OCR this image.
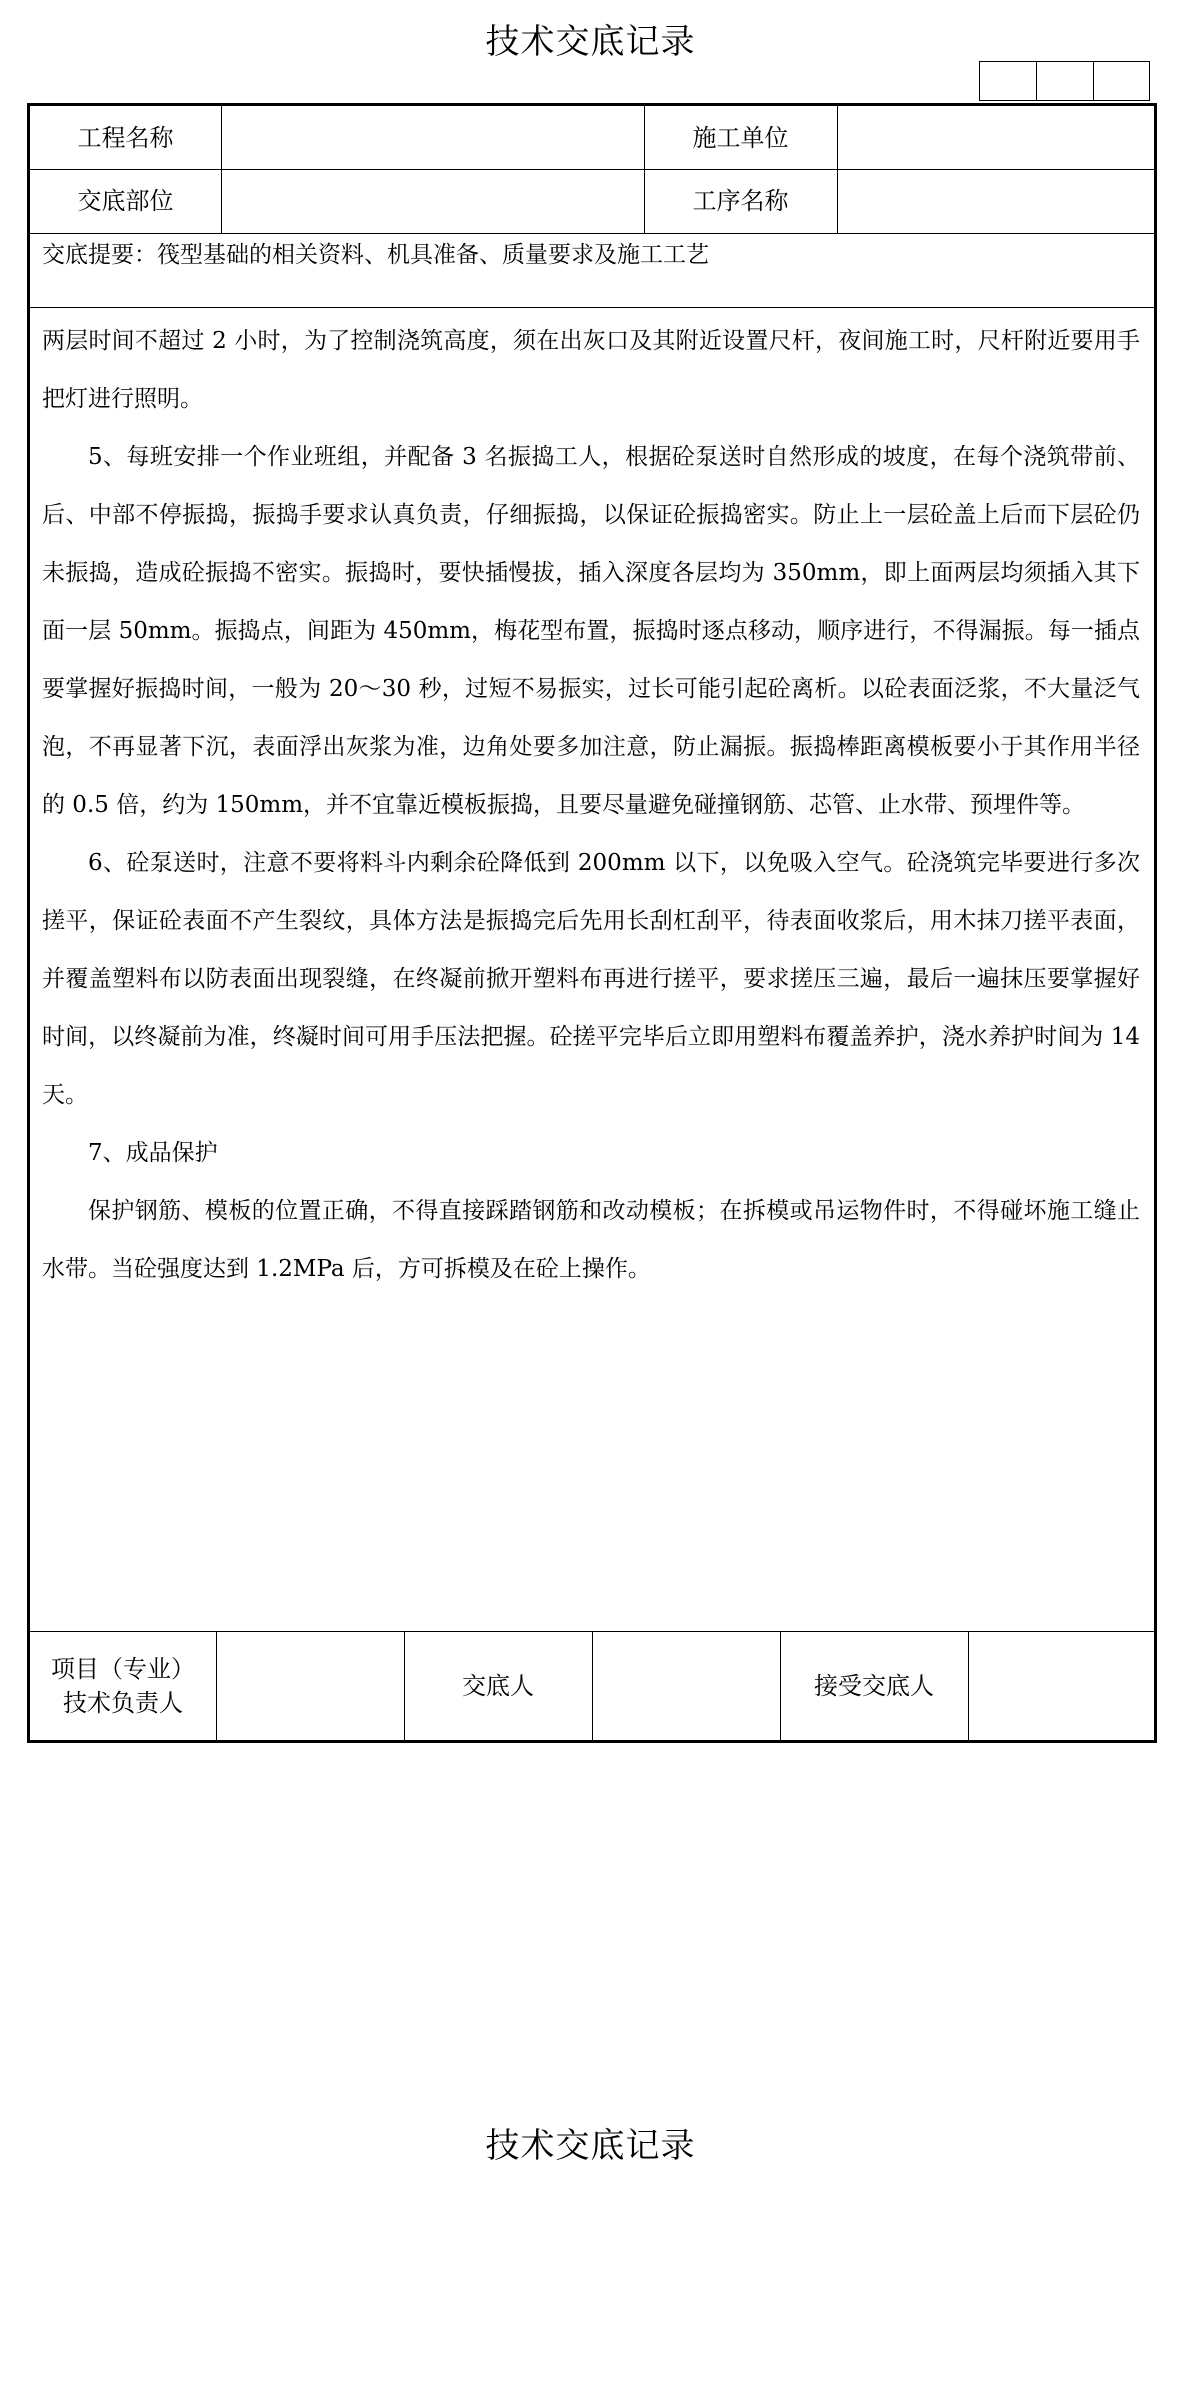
技术交底记录
工程名称	施工单位
交底部位	工序名称
交底提要：筏型基础的相关资料、机具准备、质量要求及施工工艺

两层时间不超过 2 小时，为了控制浇筑高度，须在出灰口及其附近设置尺杆，夜间施工时，尺杆附近要用手把灯进行照明。

5、每班安排一个作业班组，并配备 3 名振捣工人，根据砼泵送时自然形成的坡度，在每个浇筑带前、后、中部不停振捣，振捣手要求认真负责，仔细振捣，以保证砼振捣密实。防止上一层砼盖上后而下层砼仍未振捣，造成砼振捣不密实。振捣时，要快插慢拔，插入深度各层均为 350mm，即上面两层均须插入其下面一层 50mm。振捣点，间距为 450mm，梅花型布置，振捣时逐点移动，顺序进行，不得漏振。每一插点要掌握好振捣时间，一般为 20～30 秒，过短不易振实，过长可能引起砼离析。以砼表面泛浆，不大量泛气泡，不再显著下沉，表面浮出灰浆为准，边角处要多加注意，防止漏振。振捣棒距离模板要小于其作用半径的 0.5 倍，约为 150mm，并不宜靠近模板振捣，且要尽量避免碰撞钢筋、芯管、止水带、预埋件等。

6、砼泵送时，注意不要将料斗内剩余砼降低到 200mm 以下，以免吸入空气。砼浇筑完毕要进行多次搓平，保证砼表面不产生裂纹，具体方法是振捣完后先用长刮杠刮平，待表面收浆后，用木抹刀搓平表面，并覆盖塑料布以防表面出现裂缝，在终凝前掀开塑料布再进行搓平，要求搓压三遍，最后一遍抹压要掌握好时间，以终凝前为准，终凝时间可用手压法把握。砼搓平完毕后立即用塑料布覆盖养护，浇水养护时间为 14 天。

7、成品保护

保护钢筋、模板的位置正确，不得直接踩踏钢筋和改动模板；在拆模或吊运物件时，不得碰坏施工缝止水带。当砼强度达到 1.2MPa 后，方可拆模及在砼上操作。

项目（专业）
技术负责人
交底人	接受交底人
技术交底记录
